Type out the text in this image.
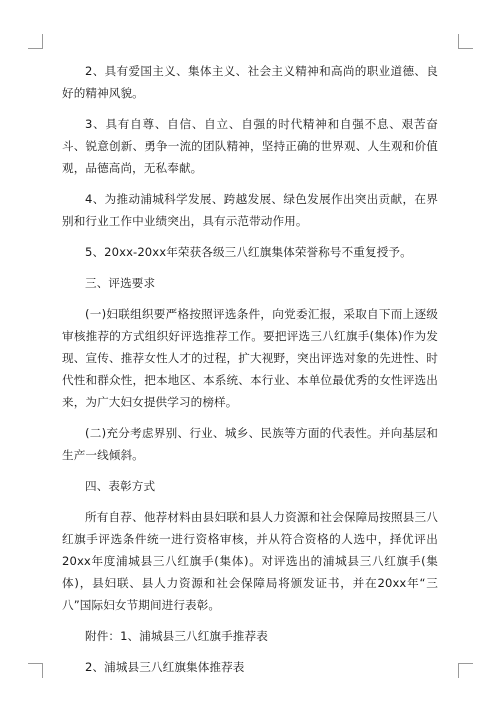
2、具有爱国主义、集体主义、社会主义精神和高尚的职业道德、良好的精神风貌。

3、具有自尊、自信、自立、自强的时代精神和自强不息、艰苦奋斗、锐意创新、勇争一流的团队精神，坚持正确的世界观、人生观和价值观，品德高尚，无私奉献。

4、为推动浦城科学发展、跨越发展、绿色发展作出突出贡献，在界别和行业工作中业绩突出，具有示范带动作用。

5、20xx-20xx年荣获各级三八红旗集体荣誉称号不重复授予。

三、评选要求

(一)妇联组织要严格按照评选条件，向党委汇报，采取自下而上逐级审核推荐的方式组织好评选推荐工作。要把评选三八红旗手(集体)作为发现、宣传、推荐女性人才的过程，扩大视野，突出评选对象的先进性、时代性和群众性，把本地区、本系统、本行业、本单位最优秀的女性评选出来，为广大妇女提供学习的榜样。

(二)充分考虑界别、行业、城乡、民族等方面的代表性。并向基层和生产一线倾斜。

四、表彰方式

所有自荐、他荐材料由县妇联和县人力资源和社会保障局按照县三八红旗手评选条件统一进行资格审核，并从符合资格的人选中，择优评出20xx年度浦城县三八红旗手(集体)。对评选出的浦城县三八红旗手(集体)，县妇联、县人力资源和社会保障局将颁发证书，并在20xx年“三八”国际妇女节期间进行表彰。

附件：1、浦城县三八红旗手推荐表

2、浦城县三八红旗集体推荐表
